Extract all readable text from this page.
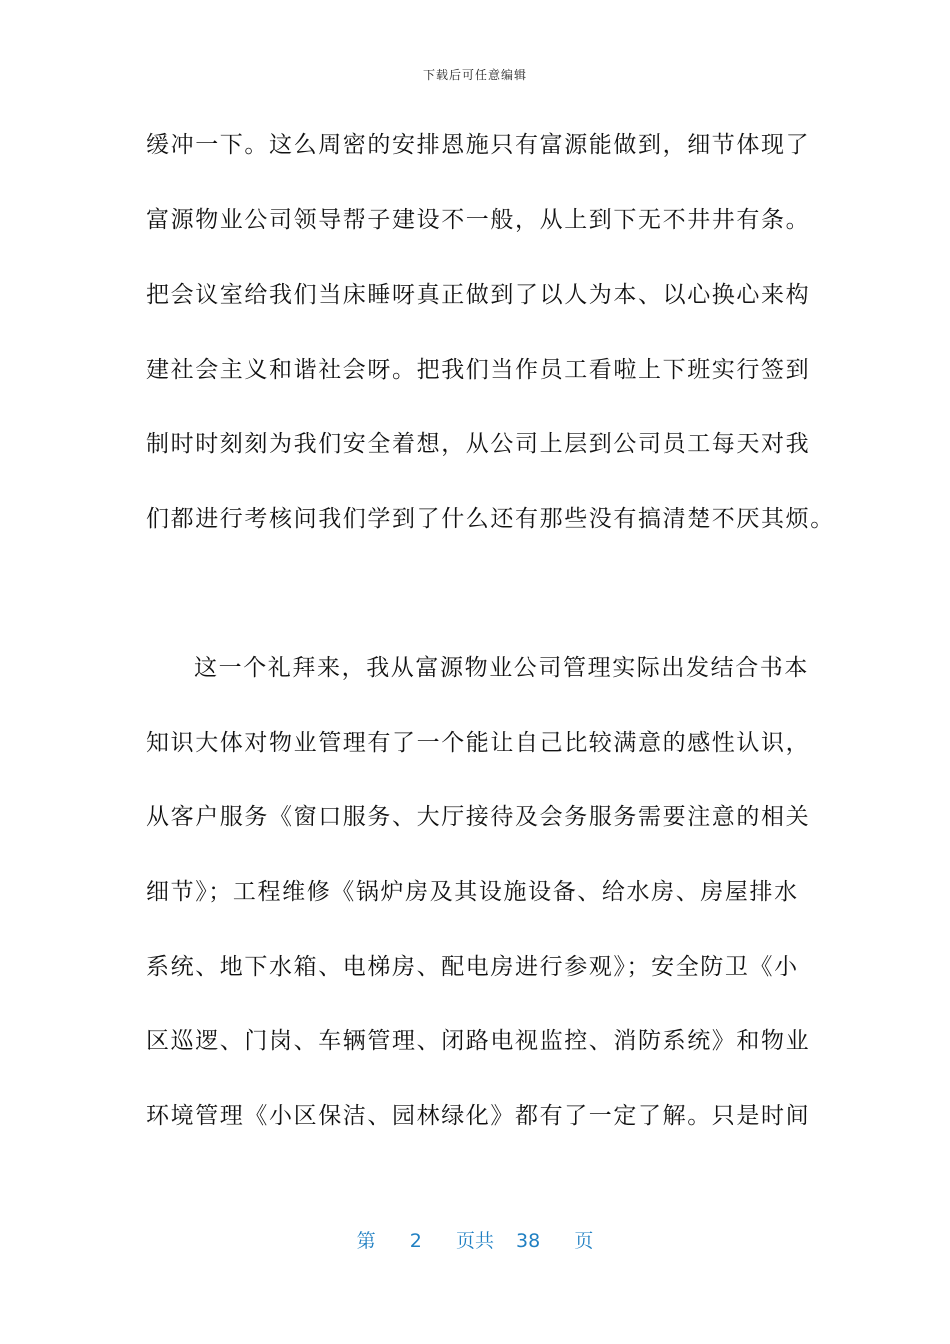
下载后可任意编辑
缓冲一下。这么周密的安排恩施只有富源能做到，细节体现了
富源物业公司领导帮子建设不一般，从上到下无不井井有条。
把会议室给我们当床睡呀真正做到了以人为本、以心换心来构
建社会主义和谐社会呀。把我们当作员工看啦上下班实行签到
制时时刻刻为我们安全着想，从公司上层到公司员工每天对我
们都进行考核问我们学到了什么还有那些没有搞清楚不厌其烦。
这一个礼拜来，我从富源物业公司管理实际出发结合书本
知识大体对物业管理有了一个能让自己比较满意的感性认识，
从客户服务《窗口服务、大厅接待及会务服务需要注意的相关
细节》；工程维修《锅炉房及其设施设备、给水房、房屋排水
系统、地下水箱、电梯房、配电房进行参观》；安全防卫《小
区巡逻、门岗、车辆管理、闭路电视监控、消防系统》和物业
环境管理《小区保洁、园林绿化》都有了一定了解。只是时间
第 2 页共 38 页
